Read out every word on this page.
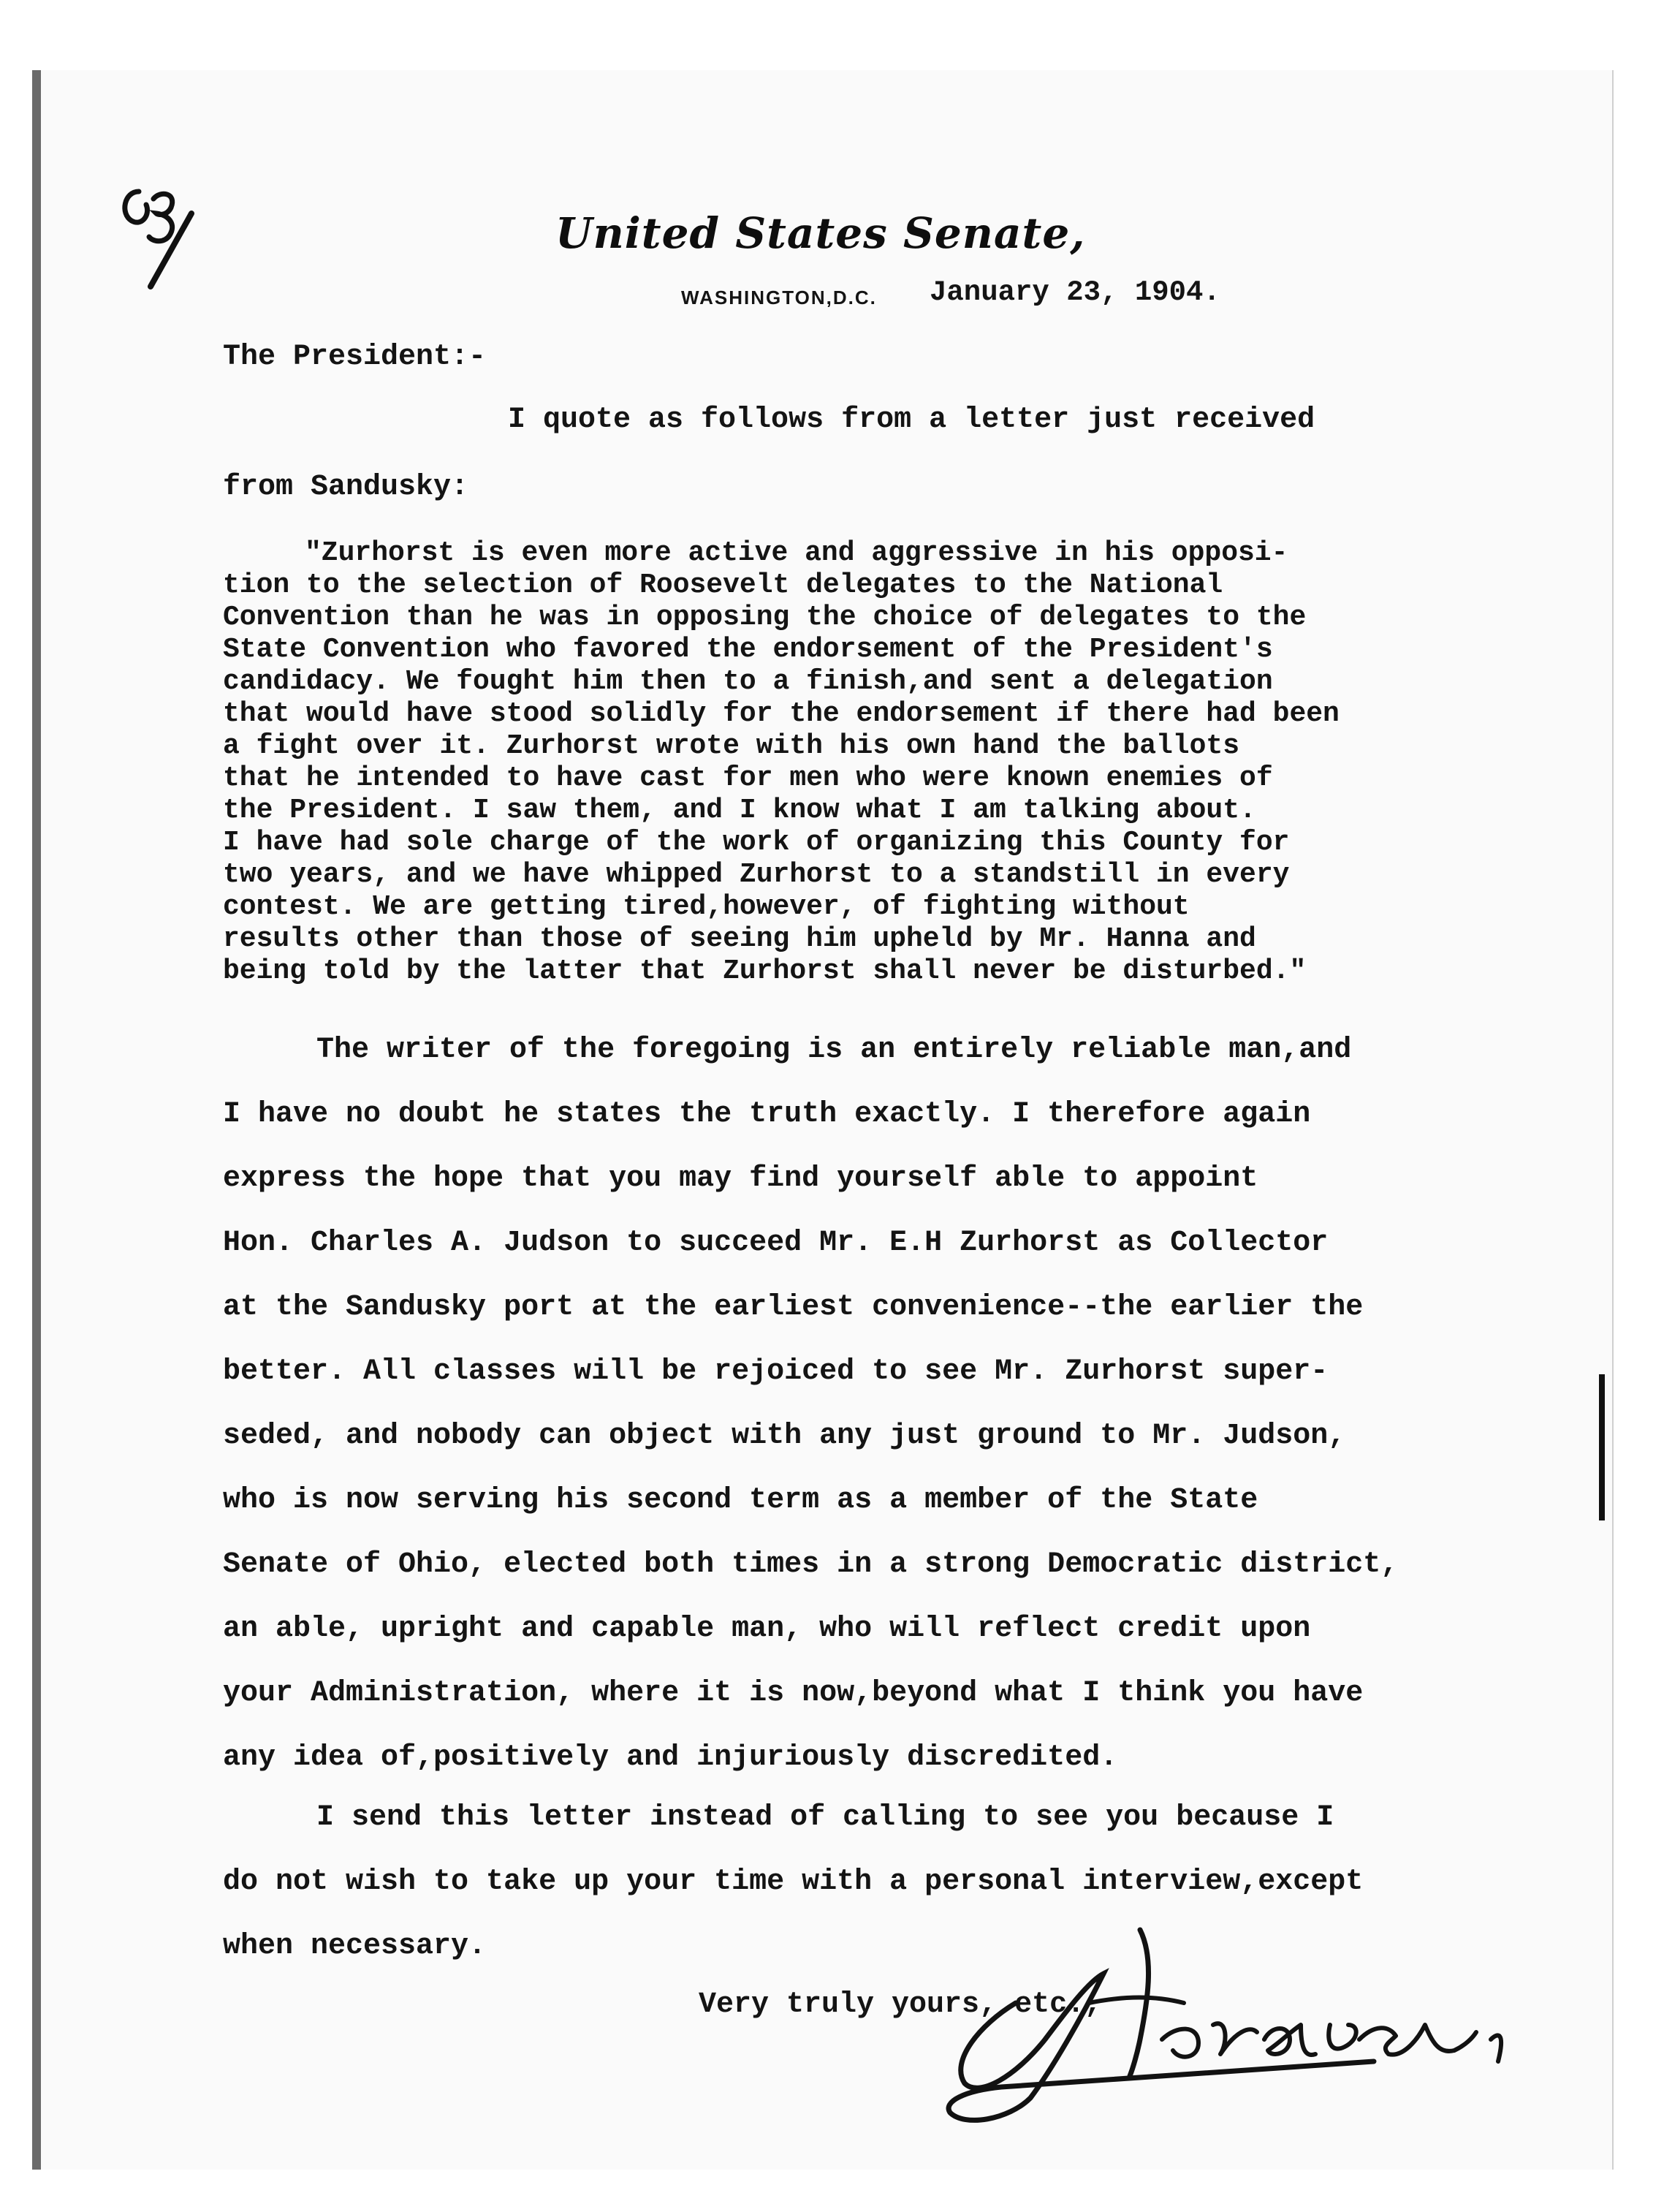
United States Senate,
WASHINGTON,D.C. January 23, 1904.
The President:-
I quote as follows from a letter just received
from Sandusky:
"Zurhorst is even more active and aggressive in his opposi-
tion to the selection of Roosevelt delegates to the National
Convention than he was in opposing the choice of delegates to the
State Convention who favored the endorsement of the President's
candidacy. We fought him then to a finish,and sent a delegation
that would have stood solidly for the endorsement if there had been
a fight over it. Zurhorst wrote with his own hand the ballots
that he intended to have cast for men who were known enemies of
the President. I saw them, and I know what I am talking about.
I have had sole charge of the work of organizing this County for
two years, and we have whipped Zurhorst to a standstill in every
contest. We are getting tired,however, of fighting without
results other than those of seeing him upheld by Mr. Hanna and
being told by the latter that Zurhorst shall never be disturbed."
The writer of the foregoing is an entirely reliable man,and
I have no doubt he states the truth exactly. I therefore again
express the hope that you may find yourself able to appoint
Hon. Charles A. Judson to succeed Mr. E.H Zurhorst as Collector
at the Sandusky port at the earliest convenience--the earlier the
better. All classes will be rejoiced to see Mr. Zurhorst super-
seded, and nobody can object with any just ground to Mr. Judson,
who is now serving his second term as a member of the State
Senate of Ohio, elected both times in a strong Democratic district,
an able, upright and capable man, who will reflect credit upon
your Administration, where it is now,beyond what I think you have
any idea of,positively and injuriously discredited.
I send this letter instead of calling to see you because I
do not wish to take up your time with a personal interview,except
when necessary.
Very truly yours, etc.,
